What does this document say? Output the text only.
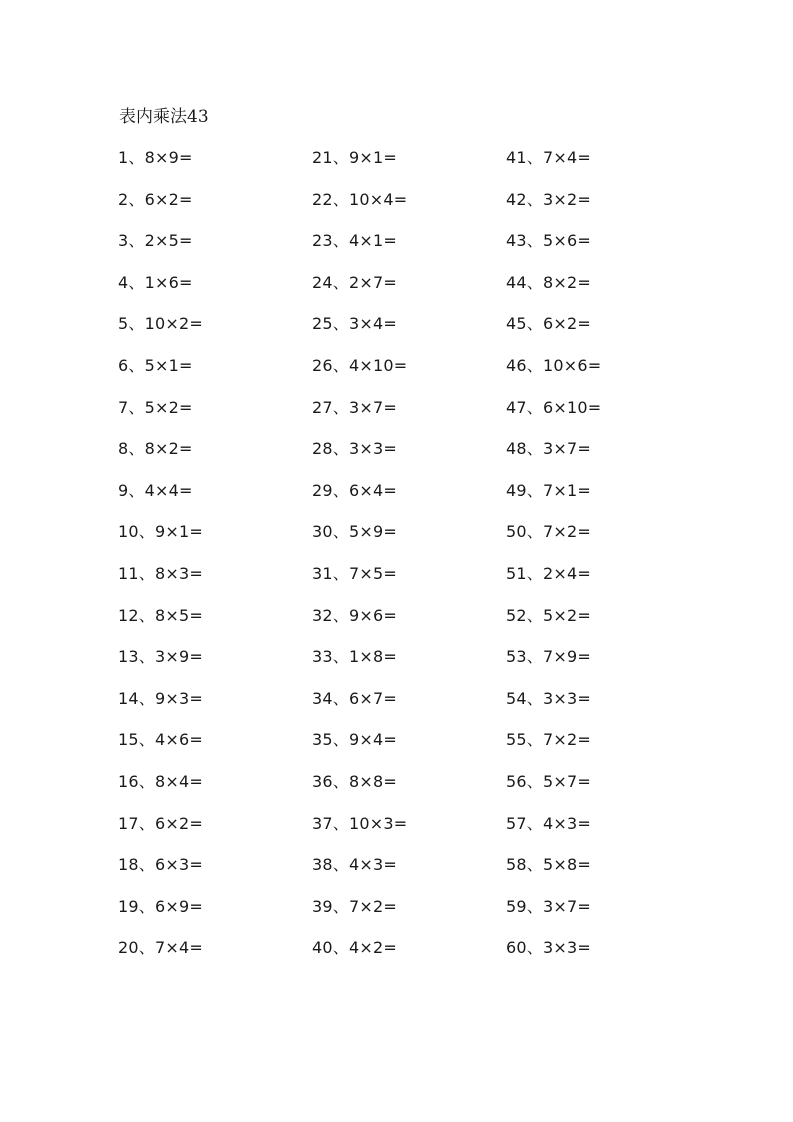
表内乘法43
1、8×9=
2、6×2=
3、2×5=
4、1×6=
5、10×2=
6、5×1=
7、5×2=
8、8×2=
9、4×4=
10、9×1=
11、8×3=
12、8×5=
13、3×9=
14、9×3=
15、4×6=
16、8×4=
17、6×2=
18、6×3=
19、6×9=
20、7×4=
21、9×1=
22、10×4=
23、4×1=
24、2×7=
25、3×4=
26、4×10=
27、3×7=
28、3×3=
29、6×4=
30、5×9=
31、7×5=
32、9×6=
33、1×8=
34、6×7=
35、9×4=
36、8×8=
37、10×3=
38、4×3=
39、7×2=
40、4×2=
41、7×4=
42、3×2=
43、5×6=
44、8×2=
45、6×2=
46、10×6=
47、6×10=
48、3×7=
49、7×1=
50、7×2=
51、2×4=
52、5×2=
53、7×9=
54、3×3=
55、7×2=
56、5×7=
57、4×3=
58、5×8=
59、3×7=
60、3×3=
